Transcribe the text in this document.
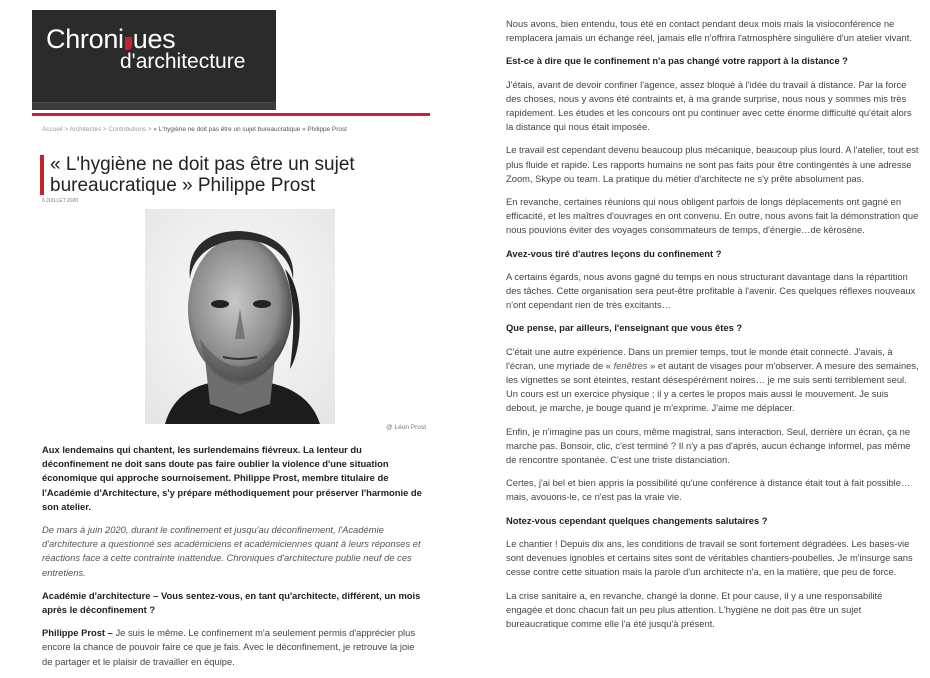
Chroni ues
d'architecture
Accueil > Architectes > Contributions > « L'hygiène ne doit pas être un sujet bureaucratique » Philippe Prost
« L'hygiène ne doit pas être un sujet bureaucratique » Philippe Prost
6 JUILLET 2020
@ Léon Prost

Aux lendemains qui chantent, les surlendemains fiévreux. La lenteur du déconfinement ne doit sans doute pas faire oublier la violence d'une situation économique qui approche sournoisement. Philippe Prost, membre titulaire de l'Académie d'Architecture, s'y prépare méthodiquement pour préserver l'harmonie de son atelier.

De mars à juin 2020, durant le confinement et jusqu'au déconfinement, l'Académie d'architecture a questionné ses académiciens et académiciennes quant à leurs réponses et réactions face à cette contrainte inattendue. Chroniques d'architecture publie neuf de ces entretiens.

Académie d'architecture – Vous sentez-vous, en tant qu'architecte, différent, un mois après le déconfinement ?

Philippe Prost – Je suis le même. Le confinement m'a seulement permis d'apprécier plus encore la chance de pouvoir faire ce que je fais. Avec le déconfinement, je retrouve la joie de partager et le plaisir de travailler en équipe.

Nous avons, bien entendu, tous été en contact pendant deux mois mais la visioconférence ne remplacera jamais un échange réel, jamais elle n'offrira l'atmosphère singulière d'un atelier vivant.

Est-ce à dire que le confinement n'a pas changé votre rapport à la distance ?

J'étais, avant de devoir confiner l'agence, assez bloqué à l'idée du travail à distance. Par la force des choses, nous y avons été contraints et, à ma grande surprise, nous nous y sommes mis très rapidement. Les études et les concours ont pu continuer avec cette énorme difficulté qu'était alors la distance qui nous était imposée.

Le travail est cependant devenu beaucoup plus mécanique, beaucoup plus lourd. A l'atelier, tout est plus fluide et rapide. Les rapports humains ne sont pas faits pour être contingentés à une adresse Zoom, Skype ou team. La pratique du métier d'architecte ne s'y prête absolument pas.

En revanche, certaines réunions qui nous obligent parfois de longs déplacements ont gagné en efficacité, et les maîtres d'ouvrages en ont convenu. En outre, nous avons fait la démonstration que nous pouvions éviter des voyages consommateurs de temps, d'énergie…de kérosène.

Avez-vous tiré d'autres leçons du confinement ?

A certains égards, nous avons gagné du temps en nous structurant davantage dans la répartition des tâches. Cette organisation sera peut-être profitable à l'avenir. Ces quelques réflexes nouveaux n'ont cependant rien de très excitants…

Que pense, par ailleurs, l'enseignant que vous êtes ?

C'était une autre expérience. Dans un premier temps, tout le monde était connecté. J'avais, à l'écran, une myriade de « fenêtres » et autant de visages pour m'observer. A mesure des semaines, les vignettes se sont éteintes, restant désespérément noires… je me suis senti terriblement seul. Un cours est un exercice physique ; il y a certes le propos mais aussi le mouvement. Je suis debout, je marche, je bouge quand je m'exprime. J'aime me déplacer.

Enfin, je n'imagine pas un cours, même magistral, sans interaction. Seul, derrière un écran, ça ne marche pas. Bonsoir, clic, c'est terminé ? Il n'y a pas d'après, aucun échange informel, pas même de rencontre spontanée. C'est une triste distanciation.

Certes, j'ai bel et bien appris la possibilité qu'une conférence à distance était tout à fait possible… mais, avouons-le, ce n'est pas la vraie vie.

Notez-vous cependant quelques changements salutaires ?

Le chantier ! Depuis dix ans, les conditions de travail se sont fortement dégradées. Les bases-vie sont devenues ignobles et certains sites sont de véritables chantiers-poubelles. Je m'insurge sans cesse contre cette situation mais la parole d'un architecte n'a, en la matière, que peu de force.

La crise sanitaire a, en revanche, changé la donne. Et pour cause, il y a une responsabilité engagée et donc chacun fait un peu plus attention. L'hygiène ne doit pas être un sujet bureaucratique comme elle l'a été jusqu'à présent.
